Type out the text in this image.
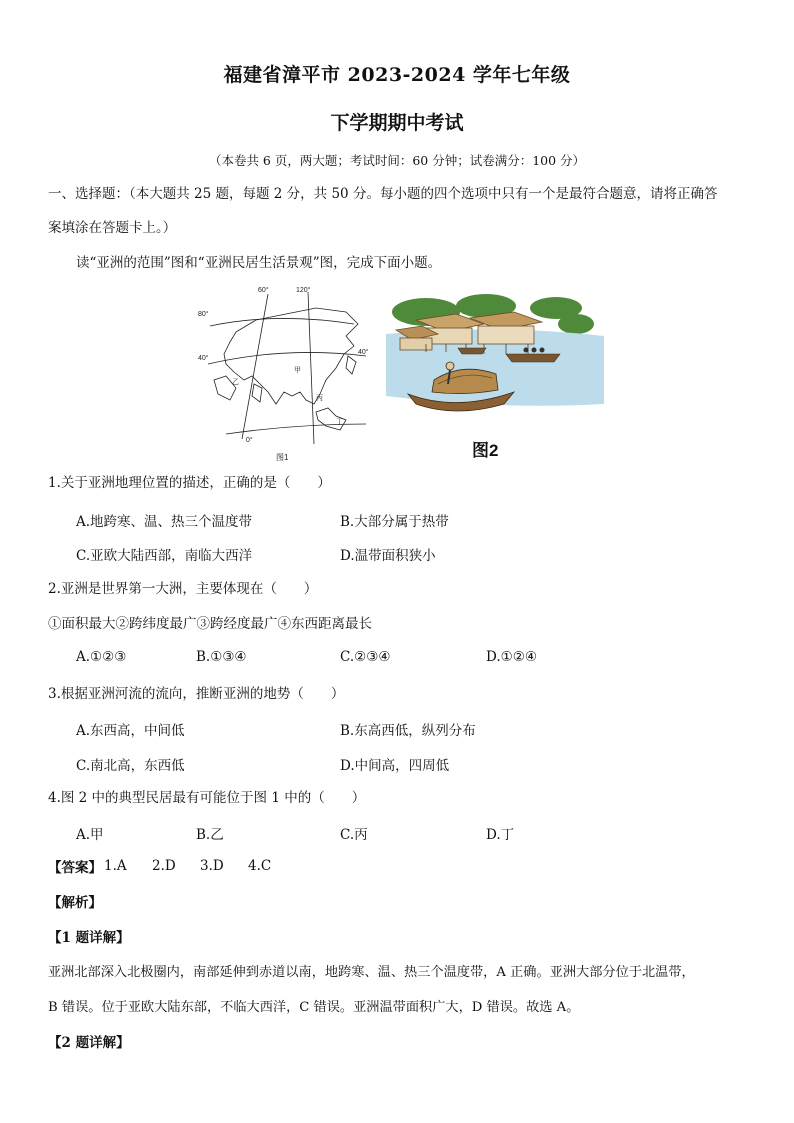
福建省漳平市 2023-2024 学年七年级
下学期期中考试
（本卷共 6 页，两大题；考试时间：60 分钟；试卷满分：100 分）
一、选择题：（本大题共 25 题，每题 2 分，共 50 分。每小题的四个选项中只有一个是最符合题意，请将正确答
案填涂在答题卡上。）
读“亚洲的范围”图和“亚洲民居生活景观”图，完成下面小题。
60°	120°
80°
40°
40°
0°
甲
乙
丙
丁
图1	图2
1.关于亚洲地理位置的描述，正确的是（　　）
A.地跨寒、温、热三个温度带	B.大部分属于热带
C.亚欧大陆西部，南临大西洋	D.温带面积狭小
2.亚洲是世界第一大洲，主要体现在（　　）
①面积最大②跨纬度最广③跨经度最广④东西距离最长
A.①②③	B.①③④	C.②③④	D.①②④
3.根据亚洲河流的流向，推断亚洲的地势（　　）
A.东西高，中间低	B.东高西低，纵列分布
C.南北高，东西低	D.中间高，四周低
4.图 2 中的典型民居最有可能位于图 1 中的（　　）
A.甲	B.乙	C.丙	D.丁
【答案】 1.A 2.D 3.D 4.C
【解析】
【1 题详解】
亚洲北部深入北极圈内，南部延伸到赤道以南，地跨寒、温、热三个温度带，A 正确。亚洲大部分位于北温带，
B 错误。位于亚欧大陆东部，不临大西洋，C 错误。亚洲温带面积广大，D 错误。故选 A。
【2 题详解】
